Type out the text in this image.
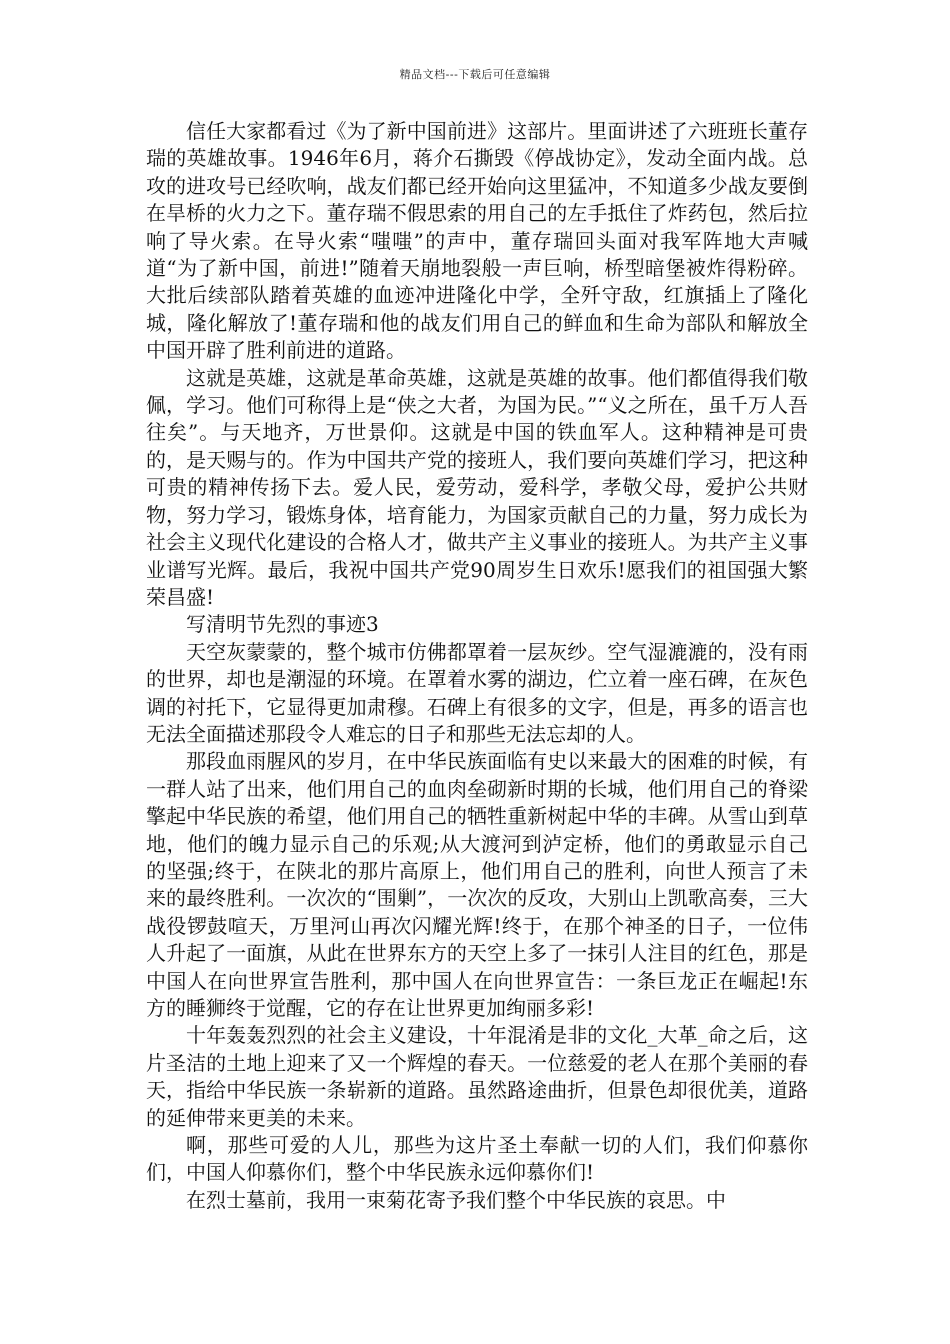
精品文档---下载后可任意编辑

信任大家都看过《为了新中国前进》这部片。里面讲述了六班班长董存瑞的英雄故事。1946年6月，蒋介石撕毁《停战协定》，发动全面内战。总攻的进攻号已经吹响，战友们都已经开始向这里猛冲，不知道多少战友要倒在旱桥的火力之下。董存瑞不假思索的用自己的左手抵住了炸药包，然后拉响了导火索。在导火索“嗤嗤”的声中，董存瑞回头面对我军阵地大声喊道“为了新中国，前进!”随着天崩地裂般一声巨响，桥型暗堡被炸得粉碎。大批后续部队踏着英雄的血迹冲进隆化中学，全歼守敌，红旗插上了隆化城，隆化解放了!董存瑞和他的战友们用自己的鲜血和生命为部队和解放全中国开辟了胜利前进的道路。

这就是英雄，这就是革命英雄，这就是英雄的故事。他们都值得我们敬佩，学习。他们可称得上是“侠之大者，为国为民。”“义之所在，虽千万人吾往矣”。与天地齐，万世景仰。这就是中国的铁血军人。这种精神是可贵的，是天赐与的。作为中国共产党的接班人，我们要向英雄们学习，把这种可贵的精神传扬下去。爱人民，爱劳动，爱科学，孝敬父母，爱护公共财物，努力学习，锻炼身体，培育能力，为国家贡献自己的力量，努力成长为社会主义现代化建设的合格人才，做共产主义事业的接班人。为共产主义事业谱写光辉。最后，我祝中国共产党90周岁生日欢乐!愿我们的祖国强大繁荣昌盛!

写清明节先烈的事迹3

天空灰蒙蒙的，整个城市仿佛都罩着一层灰纱。空气湿漉漉的，没有雨的世界，却也是潮湿的环境。在罩着水雾的湖边，伫立着一座石碑，在灰色调的衬托下，它显得更加肃穆。石碑上有很多的文字，但是，再多的语言也无法全面描述那段令人难忘的日子和那些无法忘却的人。

那段血雨腥风的岁月，在中华民族面临有史以来最大的困难的时候，有一群人站了出来，他们用自己的血肉垒砌新时期的长城，他们用自己的脊梁擎起中华民族的希望，他们用自己的牺牲重新树起中华的丰碑。从雪山到草地，他们的魄力显示自己的乐观;从大渡河到泸定桥，他们的勇敢显示自己的坚强;终于，在陕北的那片高原上，他们用自己的胜利，向世人预言了未来的最终胜利。一次次的“围剿”，一次次的反攻，大别山上凯歌高奏，三大战役锣鼓喧天，万里河山再次闪耀光辉!终于，在那个神圣的日子，一位伟人升起了一面旗，从此在世界东方的天空上多了一抹引人注目的红色，那是中国人在向世界宣告胜利，那中国人在向世界宣告：一条巨龙正在崛起!东方的睡狮终于觉醒，它的存在让世界更加绚丽多彩!

十年轰轰烈烈的社会主义建设，十年混淆是非的文化_大革_命之后，这片圣洁的土地上迎来了又一个辉煌的春天。一位慈爱的老人在那个美丽的春天，指给中华民族一条崭新的道路。虽然路途曲折，但景色却很优美，道路的延伸带来更美的未来。

啊，那些可爱的人儿，那些为这片圣土奉献一切的人们，我们仰慕你们，中国人仰慕你们，整个中华民族永远仰慕你们!

在烈士墓前，我用一束菊花寄予我们整个中华民族的哀思。中
